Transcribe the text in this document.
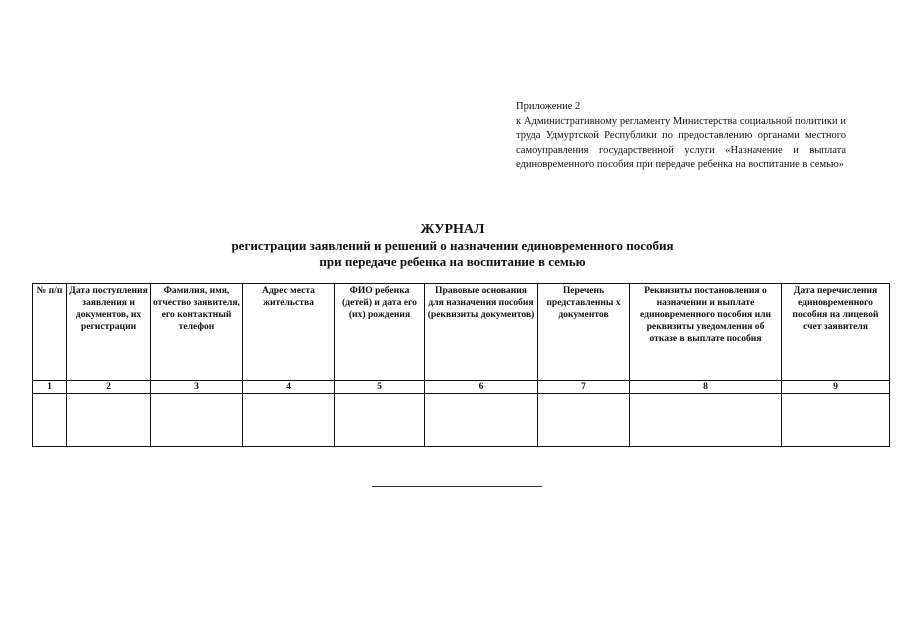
Приложение 2
к Административному регламенту Министерства социальной политики и труда Удмуртской Республики по предоставлению органами местного самоуправления государственной услуги «Назначение и выплата единовременного пособия при передаче ребенка на воспитание в семью»
ЖУРНАЛ
регистрации заявлений и решений о назначении единовременного пособия
при передаче ребенка на воспитание в семью
№ п/п	Дата поступления заявления и документов, их регистрации	Фамилия, имя, отчество заявителя, его контактный телефон	Адрес места жительства	ФИО ребенка (детей) и дата его (их) рождения	Правовые основания для назначения пособия (реквизиты документов)	Перечень представленны х документов	Реквизиты постановления о назначении и выплате единовременного пособия или реквизиты уведомления об отказе в выплате пособия	Дата перечисления единовременного пособия на лицевой счет заявителя
1	2	3	4	5	6	7	8	9
